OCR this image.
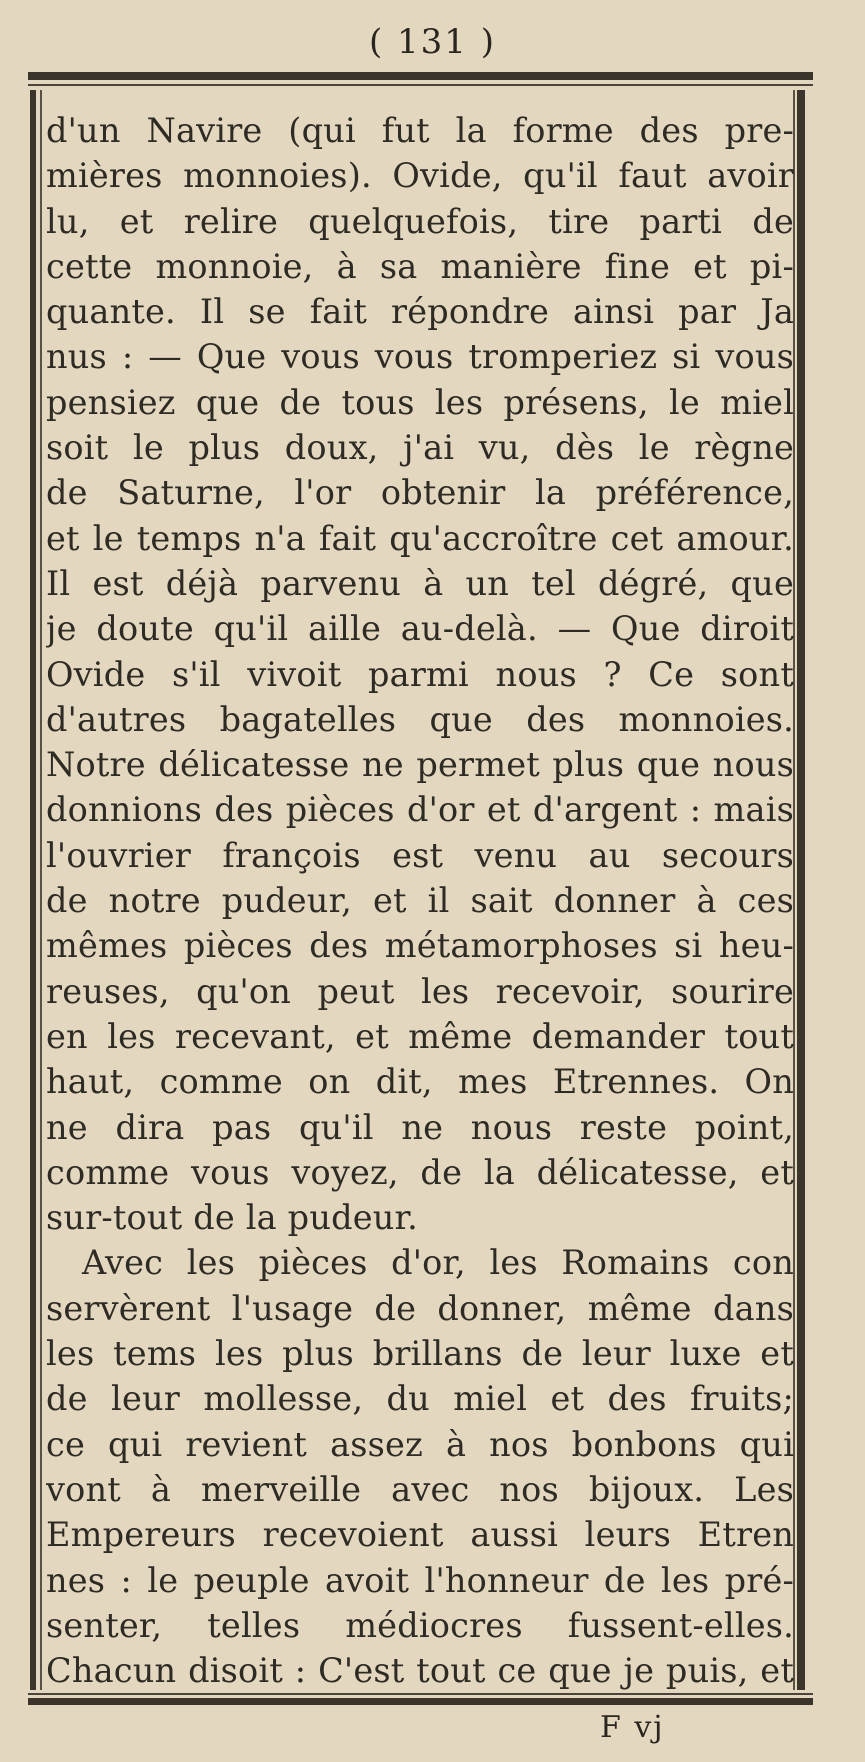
( 131 )
d'un Navire (qui fut la forme des pre-
mières monnoies). Ovide, qu'il faut avoir
lu, et relire quelquefois, tire parti de
cette monnoie, à sa manière fine et pi-
quante. Il se fait répondre ainsi par Ja
nus : — Que vous vous tromperiez si vous
pensiez que de tous les présens, le miel
soit le plus doux, j'ai vu, dès le règne
de Saturne, l'or obtenir la préférence,
et le temps n'a fait qu'accroître cet amour.
Il est déjà parvenu à un tel dégré, que
je doute qu'il aille au-delà. — Que diroit
Ovide s'il vivoit parmi nous ? Ce sont
d'autres bagatelles que des monnoies.
Notre délicatesse ne permet plus que nous
donnions des pièces d'or et d'argent : mais
l'ouvrier françois est venu au secours
de notre pudeur, et il sait donner à ces
mêmes pièces des métamorphoses si heu-
reuses, qu'on peut les recevoir, sourire
en les recevant, et même demander tout
haut, comme on dit, mes Etrennes. On
ne dira pas qu'il ne nous reste point,
comme vous voyez, de la délicatesse, et
sur-tout de la pudeur.
Avec les pièces d'or, les Romains con
servèrent l'usage de donner, même dans
les tems les plus brillans de leur luxe et
de leur mollesse, du miel et des fruits;
ce qui revient assez à nos bonbons qui
vont à merveille avec nos bijoux. Les
Empereurs recevoient aussi leurs Etren
nes : le peuple avoit l'honneur de les pré-
senter, telles médiocres fussent-elles.
Chacun disoit : C'est tout ce que je puis, et
F vj
